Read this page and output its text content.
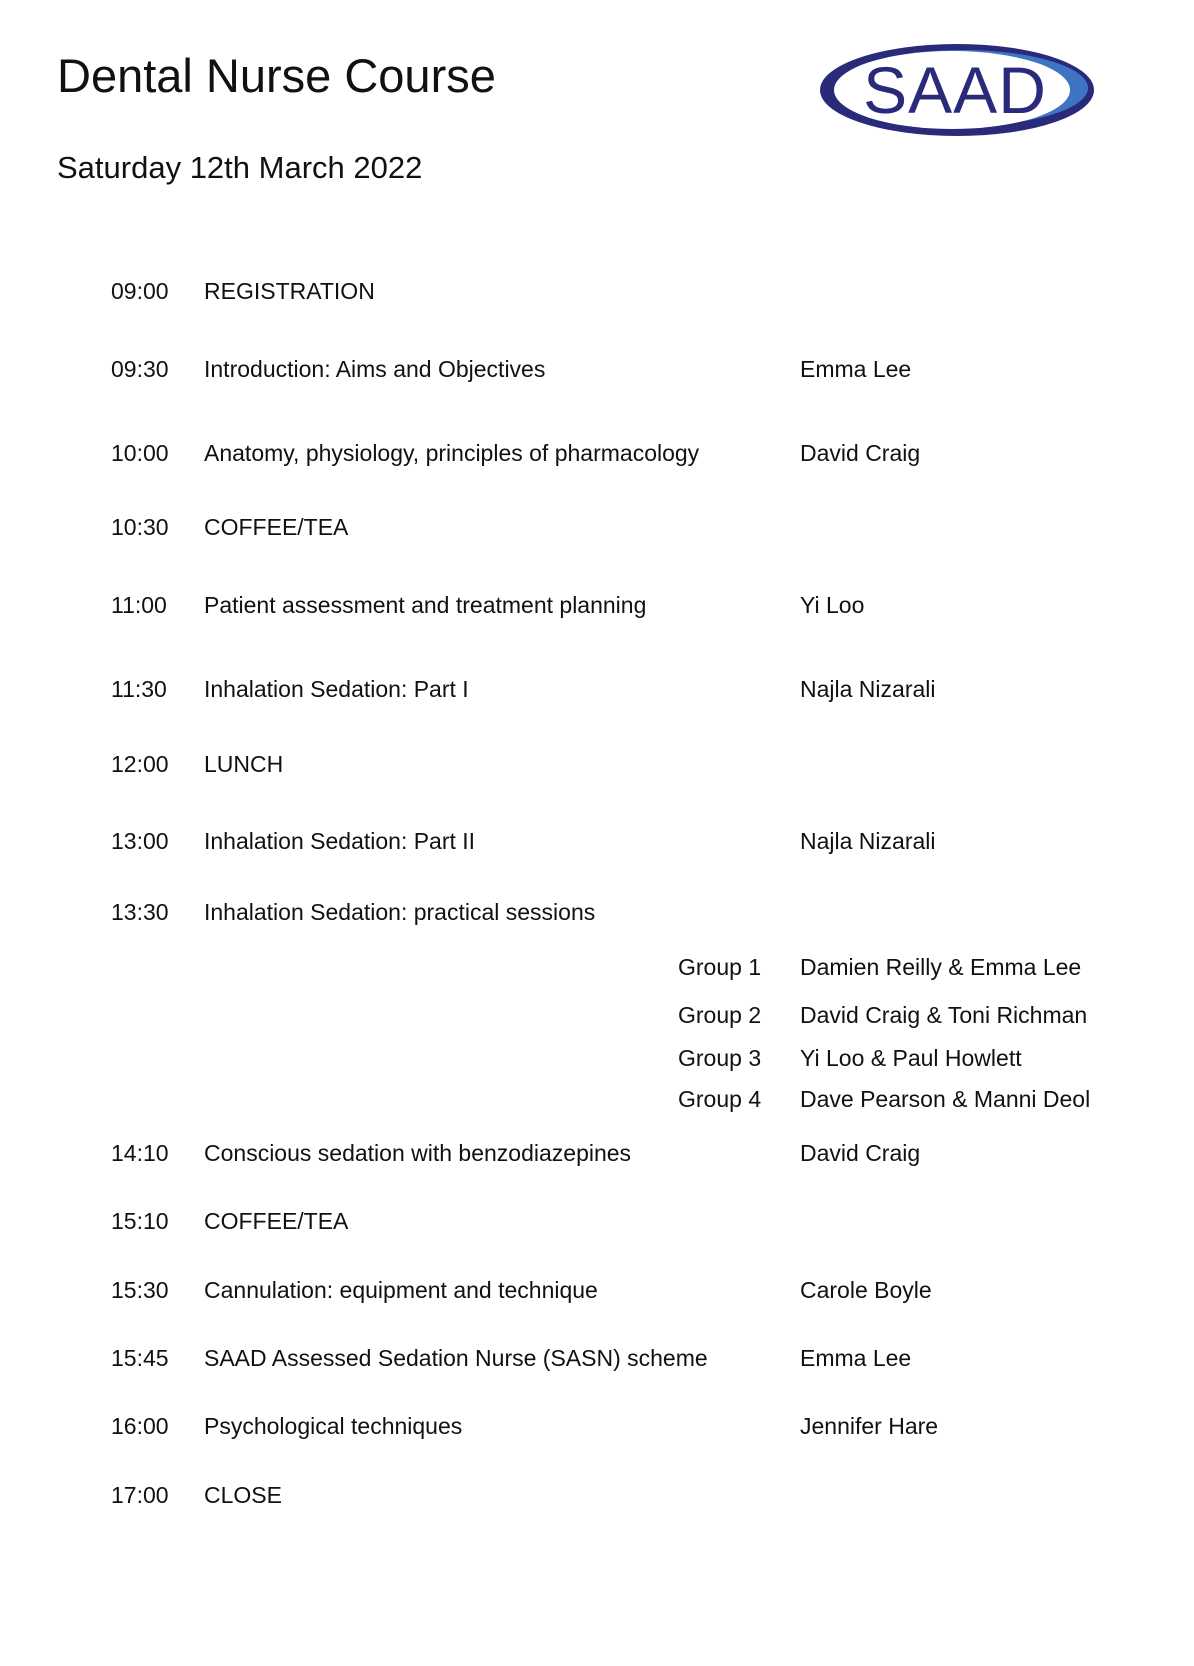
Dental Nurse Course
Saturday 12th March 2022
SAAD
09:00 REGISTRATION
09:30 Introduction: Aims and Objectives	Emma Lee
10:00 Anatomy, physiology, principles of pharmacology	David Craig
10:30 COFFEE/TEA
11:00 Patient assessment and treatment planning	Yi Loo
11:30 Inhalation Sedation: Part I	Najla Nizarali
12:00 LUNCH
13:00 Inhalation Sedation: Part II	Najla Nizarali
13:30 Inhalation Sedation: practical sessions
Group 1 Damien Reilly & Emma Lee
Group 2 David Craig & Toni Richman
Group 3 Yi Loo & Paul Howlett
Group 4 Dave Pearson & Manni Deol
14:10 Conscious sedation with benzodiazepines	David Craig
15:10 COFFEE/TEA
15:30 Cannulation: equipment and technique	Carole Boyle
15:45 SAAD Assessed Sedation Nurse (SASN) scheme	Emma Lee
16:00 Psychological techniques	Jennifer Hare
17:00 CLOSE
